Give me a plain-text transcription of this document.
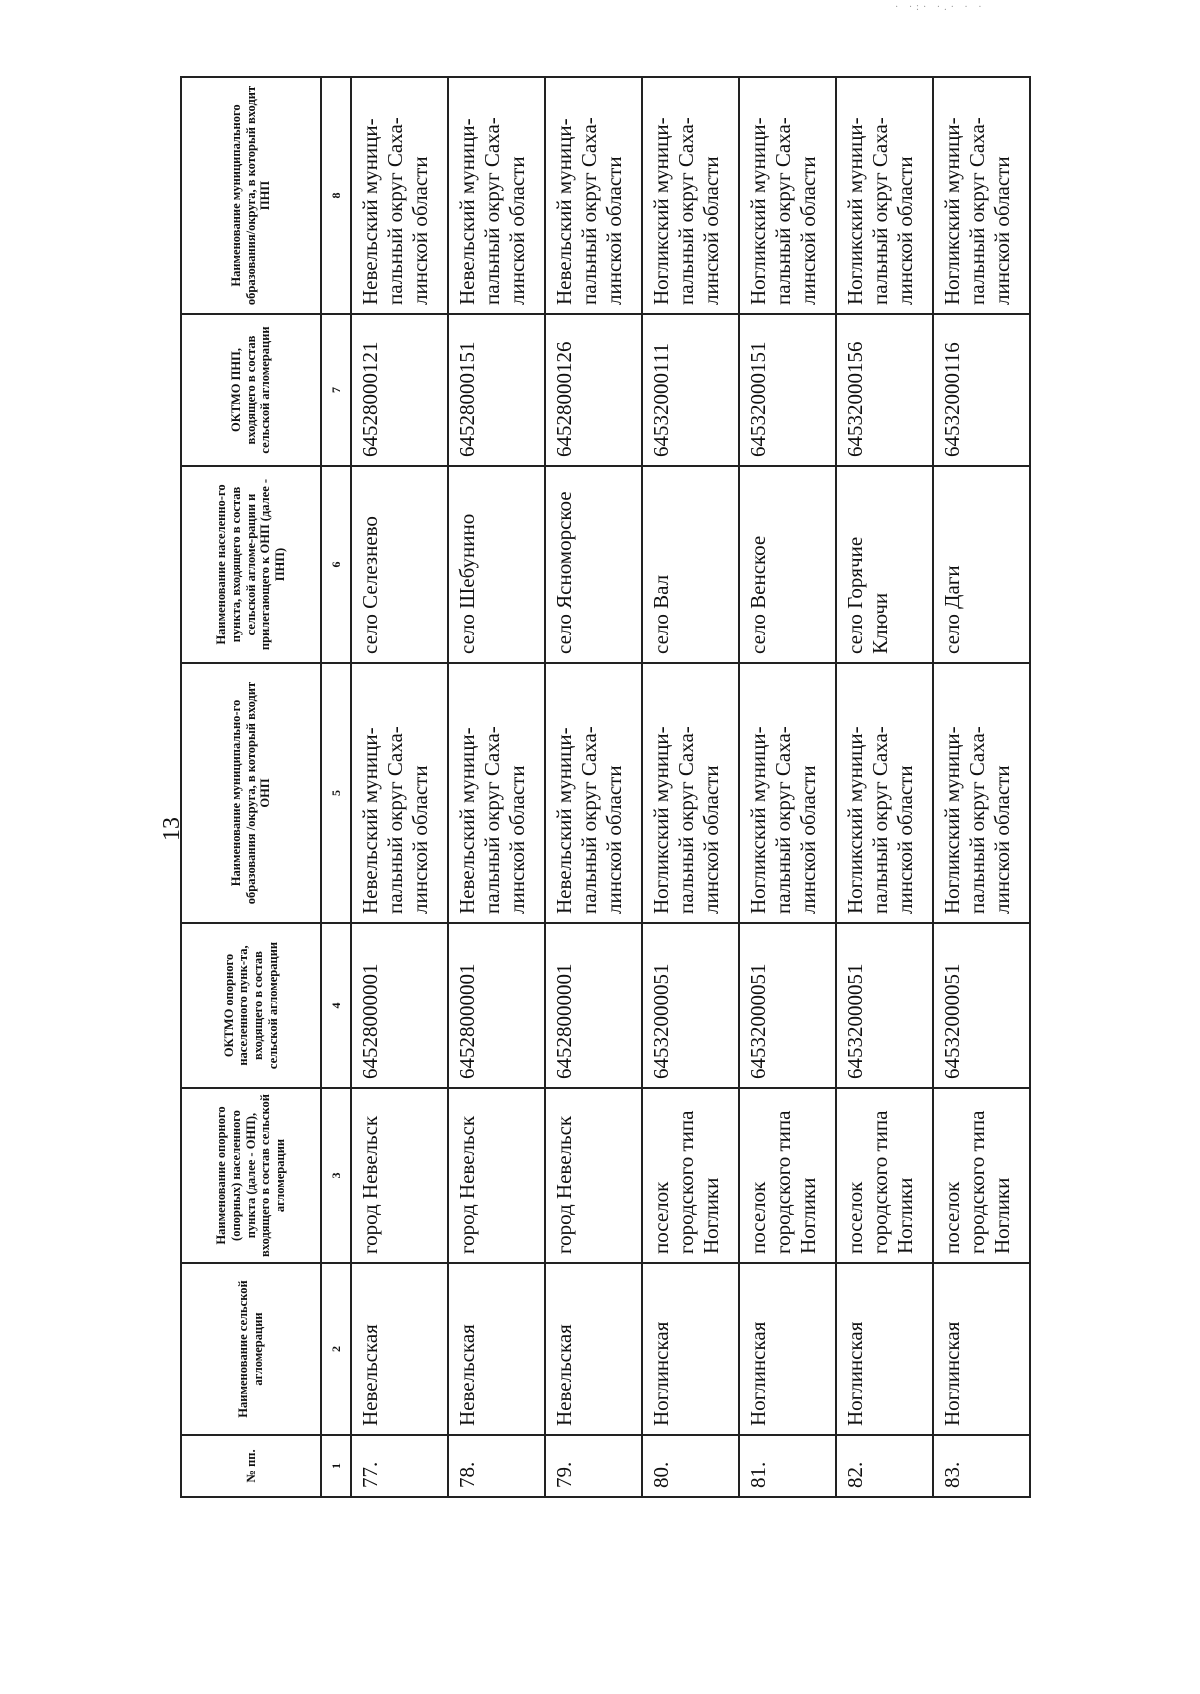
· ·:· ·.· · ·
13
№ пп.	Наименование сельской агломерации	Наименование опорного (опорных) населенного пункта (далее - ОНП), входящего в состав сельской агломерации	ОКТМО опорного населенного пунк-та, входящего в состав сельской агломерации	Наименование муниципально-го образования /округа, в который входит ОНП	Наименование населенно-го пункта, входящего в состав сельской агломе-рации и прилегающего к ОНП (далее - ПНП)	ОКТМО ПНП, входящего в состав сельской агломерации	Наименование муниципального образования/округа, в который входит ПНП
1	2	3	4	5	6	7	8
77.	Невельская	город Невельск	64528000001	Невельский муници-пальный округ Саха-линской области	село Селезнево	64528000121	Невельский муници-пальный округ Саха-линской области
78.	Невельская	город Невельск	64528000001	Невельский муници-пальный округ Саха-линской области	село Шебунино	64528000151	Невельский муници-пальный округ Саха-линской области
79.	Невельская	город Невельск	64528000001	Невельский муници-пальный округ Саха-линской области	село Ясноморское	64528000126	Невельский муници-пальный округ Саха-линской области
80.	Ноглинская	поселок городского типа Ноглики	64532000051	Ногликский муници-пальный округ Саха-линской области	село Вал	64532000111	Ногликский муници-пальный округ Саха-линской области
81.	Ноглинская	поселок городского типа Ноглики	64532000051	Ногликский муници-пальный округ Саха-линской области	село Венское	64532000151	Ногликский муници-пальный округ Саха-линской области
82.	Ноглинская	поселок городского типа Ноглики	64532000051	Ногликский муници-пальный округ Саха-линской области	село Горячие Ключи	64532000156	Ногликский муници-пальный округ Саха-линской области
83.	Ноглинская	поселок городского типа Ноглики	64532000051	Ногликский муници-пальный округ Саха-линской области	село Даги	64532000116	Ногликский муници-пальный округ Саха-линской области
